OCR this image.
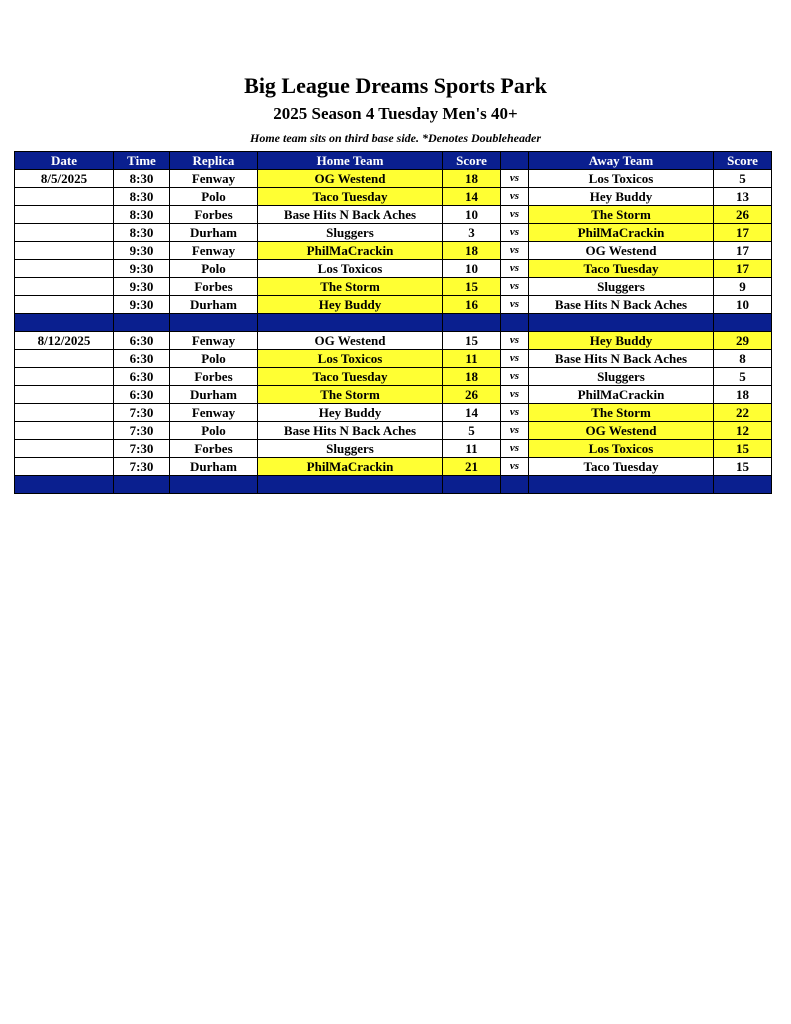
Big League Dreams Sports Park
2025 Season 4 Tuesday Men's 40+
Home team sits on third base side. *Denotes Doubleheader
Date	Time	Replica	Home Team	Score		Away Team	Score
8/5/2025	8:30	Fenway	OG Westend	18	vs	Los Toxicos	5
	8:30	Polo	Taco Tuesday	14	vs	Hey Buddy	13
	8:30	Forbes	Base Hits N Back Aches	10	vs	The Storm	26
	8:30	Durham	Sluggers	3	vs	PhilMaCrackin	17
	9:30	Fenway	PhilMaCrackin	18	vs	OG Westend	17
	9:30	Polo	Los Toxicos	10	vs	Taco Tuesday	17
	9:30	Forbes	The Storm	15	vs	Sluggers	9
	9:30	Durham	Hey Buddy	16	vs	Base Hits N Back Aches	10

8/12/2025	6:30	Fenway	OG Westend	15	vs	Hey Buddy	29
	6:30	Polo	Los Toxicos	11	vs	Base Hits N Back Aches	8
	6:30	Forbes	Taco Tuesday	18	vs	Sluggers	5
	6:30	Durham	The Storm	26	vs	PhilMaCrackin	18
	7:30	Fenway	Hey Buddy	14	vs	The Storm	22
	7:30	Polo	Base Hits N Back Aches	5	vs	OG Westend	12
	7:30	Forbes	Sluggers	11	vs	Los Toxicos	15
	7:30	Durham	PhilMaCrackin	21	vs	Taco Tuesday	15
